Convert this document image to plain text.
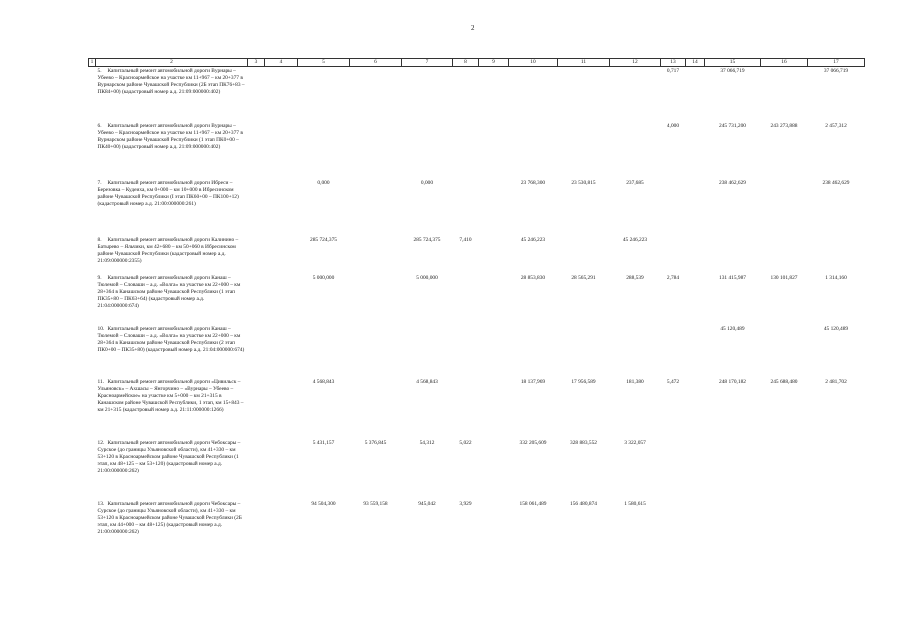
2
1	2	3	4	5	6	7	8	9	10	11	12	13	14	15	16	17
	5. Капитальный ремонт автомобильной дороги Вурнары – Убеево – Красноармейское на участке км 11+967 – км 20+377 в Вурнарском районе Чувашской Республики (2Б этап ПК76+83 – ПК84+00) (кадастровый номер а.д. 21:09:000000:402)											0,717		37 066,719		37 066,719
	6. Капитальный ремонт автомобильной дороги Вурнары – Убеево – Красноармейское на участке км 11+967 – км 20+377 в Вурнарском районе Чувашской Республики (1 этап ПК0+00 – ПК40+00) (кадастровый номер а.д. 21:09:000000:402)											4,000		245 731,200	243 273,888	2 457,312
	7. Капитальный ремонт автомобильной дороги Ибреси – Березовка – Кудеиха, км 0+000 – км 10+000 в Ибресинском районе Чувашской Республики (I этап ПК60+00 – ПК100+12) (кадастровый номер а.д. 21:00:000000:261)			0,000		0,000			23 768,300	23 530,815	237,685			238 462,629		238 462,629
	8. Капитальный ремонт автомобильной дороги Калинино – Батырево – Яльчики, км 42+680 – км 50+060 в Ибресинском районе Чувашской Республики (кадастровый номер а.д. 21:09:000000:2355)			285 724,375		285 724,375	7,410		45 246,223		45 246,223					
	9. Капитальный ремонт автомобильной дороги Канаш – Тюлемой – Словаши – а.д. «Волга» на участке км 22+000 – км 28+364 в Канашском районе Чувашской Республики (1 этап ПК35+80 – ПК63+64) (кадастровый номер а.д. 21:04:000000:674)			5 000,000		5 000,000			28 853,830	28 565,291	288,539	2,784		131 415,987	130 101,827	1 314,160
	10. Капитальный ремонт автомобильной дороги Канаш – Тюлемой – Словаши – а.д. «Волга» на участке км 22+000 – км 28+364 в Канашском районе Чувашской Республики (2 этап ПК0+00 – ПК35+80) (кадастровый номер а.д. 21:04:000000:674)													45 120,489		45 120,489
	11. Капитальный ремонт автомобильной дороги «Цивильск – Ульяновск» – Ахшасы – Янгорчино – «Вурнары – Убеево – Красноармейское» на участке км 5+000 – км 21+315 в Канашском районе Чувашской Республики, 1 этап, км 15+843 – км 21+315 (кадастровый номер а.д. 21:11:000000:1266)			4 568,843		4 568,843			18 137,969	17 956,589	181,380	5,472		248 170,182	245 688,480	2 481,702
	12. Капитальный ремонт автомобильной дороги Чебоксары – Сурское (до границы Ульяновской области), км 41+330 – км 53+120 в Красноармейском районе Чувашской Республики (1 этап, км 48+125 – км 53+120) (кадастровый номер а.д. 21:00:000000:262)			5 431,157	5 376,845	54,312	5,022		332 205,609	328 883,552	3 322,057					
	13. Капитальный ремонт автомобильной дороги Чебоксары – Сурское (до границы Ульяновской области), км 41+330 – км 53+120 в Красноармейском районе Чувашской Республики (2Б этап, км 44+000 – км 48+125) (кадастровый номер а.д. 21:00:000000:262)			94 504,300	93 559,158	945,042	3,929		158 061,489	156 480,874	1 580,615					
